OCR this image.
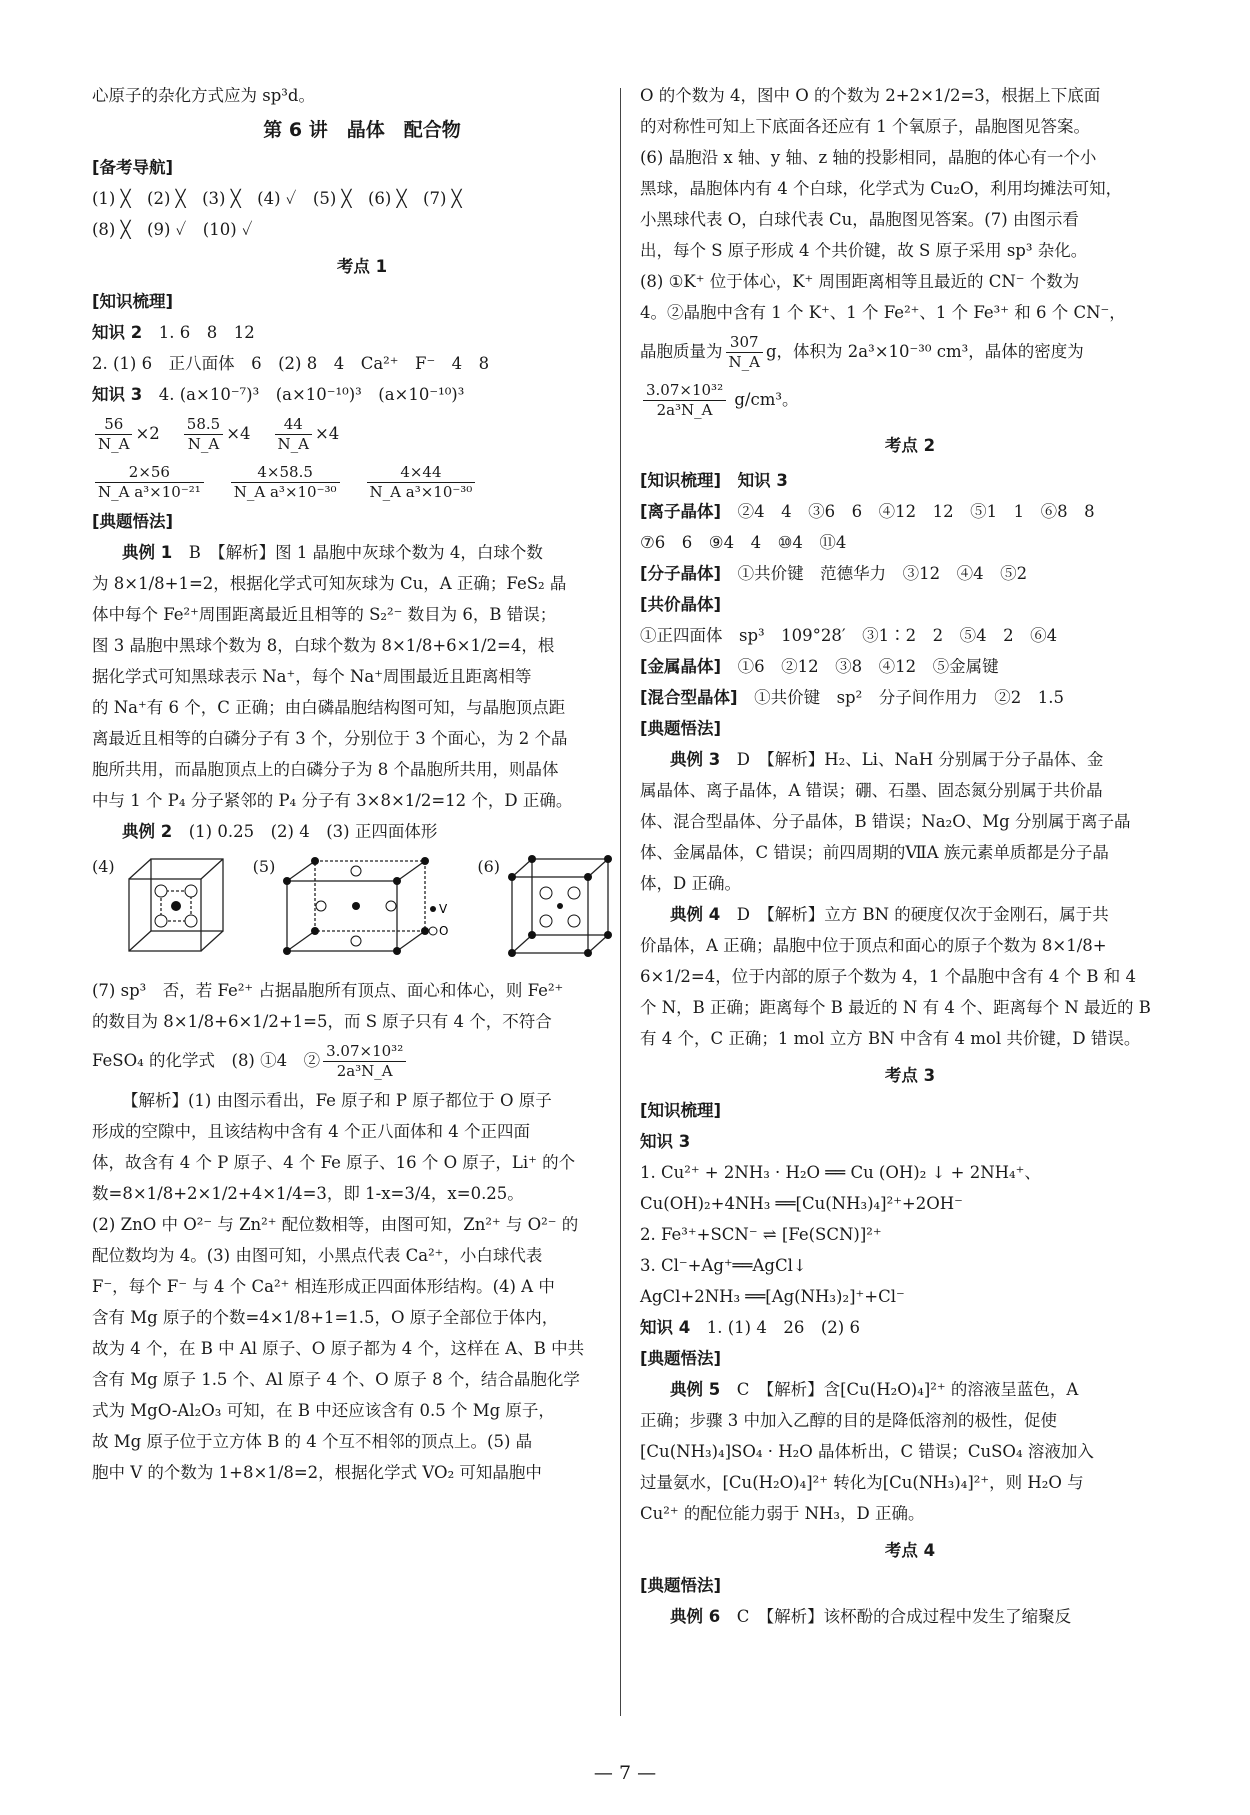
心原子的杂化方式应为 sp³d。
第 6 讲　晶体　配合物
[备考导航]
(1) ╳　(2) ╳　(3) ╳　(4) ✓　(5) ╳　(6) ╳　(7) ╳
(8) ╳　(9) ✓　(10) ✓
考点 1
[知识梳理]
知识 2　 1. 6　8　12
2. (1) 6　正八面体　6　(2) 8　4　Ca²⁺　F⁻　4　8
知识 3　 4. (a×10⁻⁷)³　(a×10⁻¹⁰)³　(a×10⁻¹⁰)³
$\frac{56}{N\_A} \times 2 \frac{58.5}{N\_A} \times 4 \frac{44}{N\_A} \times 4$
$\frac{2\times 56}{\text{N\_A a³×10⁻²¹}}$
$\frac{4\times 58.5}{\text{N\_A a³×10⁻³⁰}}$
$\frac{4\times 44}{\text{N\_A a³×10⁻³⁰}}$
[典题悟法]
典例 1　 B　 【解析】图 1 晶胞中灰球个数为 4，白球个数
为 8×1/8+1=2，根据化学式可知灰球为 Cu，A 正确；FeS₂ 晶
体中每个 Fe²⁺周围距离最近且相等的 S₂²⁻ 数目为 6，B 错误；
图 3 晶胞中黑球个数为 8，白球个数为 8×1/8+6×1/2=4，根
据化学式可知黑球表示 Na⁺，每个 Na⁺周围最近且距离相等
的 Na⁺有 6 个，C 正确；由白磷晶胞结构图可知，与晶胞顶点距
离最近且相等的白磷分子有 3 个，分别位于 3 个面心，为 2 个晶
胞所共用，而晶胞顶点上的白磷分子为 8 个晶胞所共用，则晶体
中与 1 个 P₄ 分子紧邻的 P₄ 分子有 3×8×1/2=12 个，D 正确。
典例 2　 (1) 0.25　(2) 4　(3) 正四面体形
(4)	(5)
V
O
(6)
(7) sp³　否，若 Fe²⁺ 占据晶胞所有顶点、面心和体心，则 Fe²⁺
的数目为 8×1/8+6×1/2+1=5，而 S 原子只有 4 个，不符合
FeSO₄ 的化学式　(8) ①4　② $\frac{\text{3.07×10³²}}{\text{2a³N\_A}}$
【解析】(1) 由图示看出，Fe 原子和 P 原子都位于 O 原子
形成的空隙中，且该结构中含有 4 个正八面体和 4 个正四面
体，故含有 4 个 P 原子、4 个 Fe 原子、16 个 O 原子，Li⁺ 的个
数=8×1/8+2×1/2+4×1/4=3，即 1-x=3/4，x=0.25。
(2) ZnO 中 O²⁻ 与 Zn²⁺ 配位数相等，由图可知，Zn²⁺ 与 O²⁻ 的
配位数均为 4。(3) 由图可知，小黑点代表 Ca²⁺，小白球代表
F⁻，每个 F⁻ 与 4 个 Ca²⁺ 相连形成正四面体形结构。(4) A 中
含有 Mg 原子的个数=4×1/8+1=1.5，O 原子全部位于体内，
故为 4 个，在 B 中 Al 原子、O 原子都为 4 个，这样在 A、B 中共
含有 Mg 原子 1.5 个、Al 原子 4 个、O 原子 8 个，结合晶胞化学
式为 MgO-Al₂O₃ 可知，在 B 中还应该含有 0.5 个 Mg 原子，
故 Mg 原子位于立方体 B 的 4 个互不相邻的顶点上。(5) 晶
胞中 V 的个数为 1+8×1/8=2，根据化学式 VO₂ 可知晶胞中
O 的个数为 4，图中 O 的个数为 2+2×1/2=3，根据上下底面
的对称性可知上下底面各还应有 1 个氧原子，晶胞图见答案。
(6) 晶胞沿 x 轴、y 轴、z 轴的投影相同，晶胞的体心有一个小
黑球，晶胞体内有 4 个白球，化学式为 Cu₂O，利用均摊法可知，
小黑球代表 O，白球代表 Cu，晶胞图见答案。(7) 由图示看
出，每个 S 原子形成 4 个共价键，故 S 原子采用 sp³ 杂化。
(8) ①K⁺ 位于体心，K⁺ 周围距离相等且最近的 CN⁻ 个数为
4。②晶胞中含有 1 个 K⁺、1 个 Fe²⁺、1 个 Fe³⁺ 和 6 个 CN⁻，
晶胞质量为 $\frac{307}{N\_A}$ g，体积为 2a³×10⁻³⁰ cm³，晶体的密度为
$\frac{\text{3.07×10³²}}{\text{2a³N\_A}} g/cm^3$。
考点 2
[知识梳理]　 知识 3
[离子晶体]　 ②4　4　③6　6　④12　12　⑤1　1　⑥8　8
⑦6　6　⑨4　4　⑩4　⑪4
[分子晶体]　 ①共价键　范德华力　③12　④4　⑤2
[共价晶体]
①正四面体　sp³　109°28′　③1∶2　2　⑤4　2　⑥4
[金属晶体]　 ①6　②12　③8　④12　⑤金属键
[混合型晶体]　 ①共价键　sp²　分子间作用力　②2　1.5
[典题悟法]
典例 3　 D　 【解析】H₂、Li、NaH 分别属于分子晶体、金
属晶体、离子晶体，A 错误；硼、石墨、固态氮分别属于共价晶
体、混合型晶体、分子晶体，B 错误；Na₂O、Mg 分别属于离子晶
体、金属晶体，C 错误；前四周期的ⅦA 族元素单质都是分子晶
体，D 正确。
典例 4　 D　 【解析】立方 BN 的硬度仅次于金刚石，属于共
价晶体，A 正确；晶胞中位于顶点和面心的原子个数为 8×1/8+
6×1/2=4，位于内部的原子个数为 4，1 个晶胞中含有 4 个 B 和 4
个 N，B 正确；距离每个 B 最近的 N 有 4 个、距离每个 N 最近的 B
有 4 个，C 正确；1 mol 立方 BN 中含有 4 mol 共价键，D 错误。
考点 3
[知识梳理]
知识 3
1. Cu²⁺ + 2NH₃ · H₂O ══ Cu (OH)₂ ↓ + 2NH₄⁺、
Cu(OH)₂+4NH₃ ══[Cu(NH₃)₄]²⁺+2OH⁻
2. Fe³⁺+SCN⁻ ⇌ [Fe(SCN)]²⁺
3. Cl⁻+Ag⁺══AgCl↓
AgCl+2NH₃ ══[Ag(NH₃)₂]⁺+Cl⁻
知识 4　 1. (1) 4　26　(2) 6
[典题悟法]
典例 5　 C　 【解析】含[Cu(H₂O)₄]²⁺ 的溶液呈蓝色，A
正确；步骤 3 中加入乙醇的目的是降低溶剂的极性，促使
[Cu(NH₃)₄]SO₄ · H₂O 晶体析出，C 错误；CuSO₄ 溶液加入
过量氨水，[Cu(H₂O)₄]²⁺ 转化为[Cu(NH₃)₄]²⁺，则 H₂O 与
Cu²⁺ 的配位能力弱于 NH₃，D 正确。
考点 4
[典题悟法]
典例 6　 C　 【解析】该杯酚的合成过程中发生了缩聚反
— 7 —
